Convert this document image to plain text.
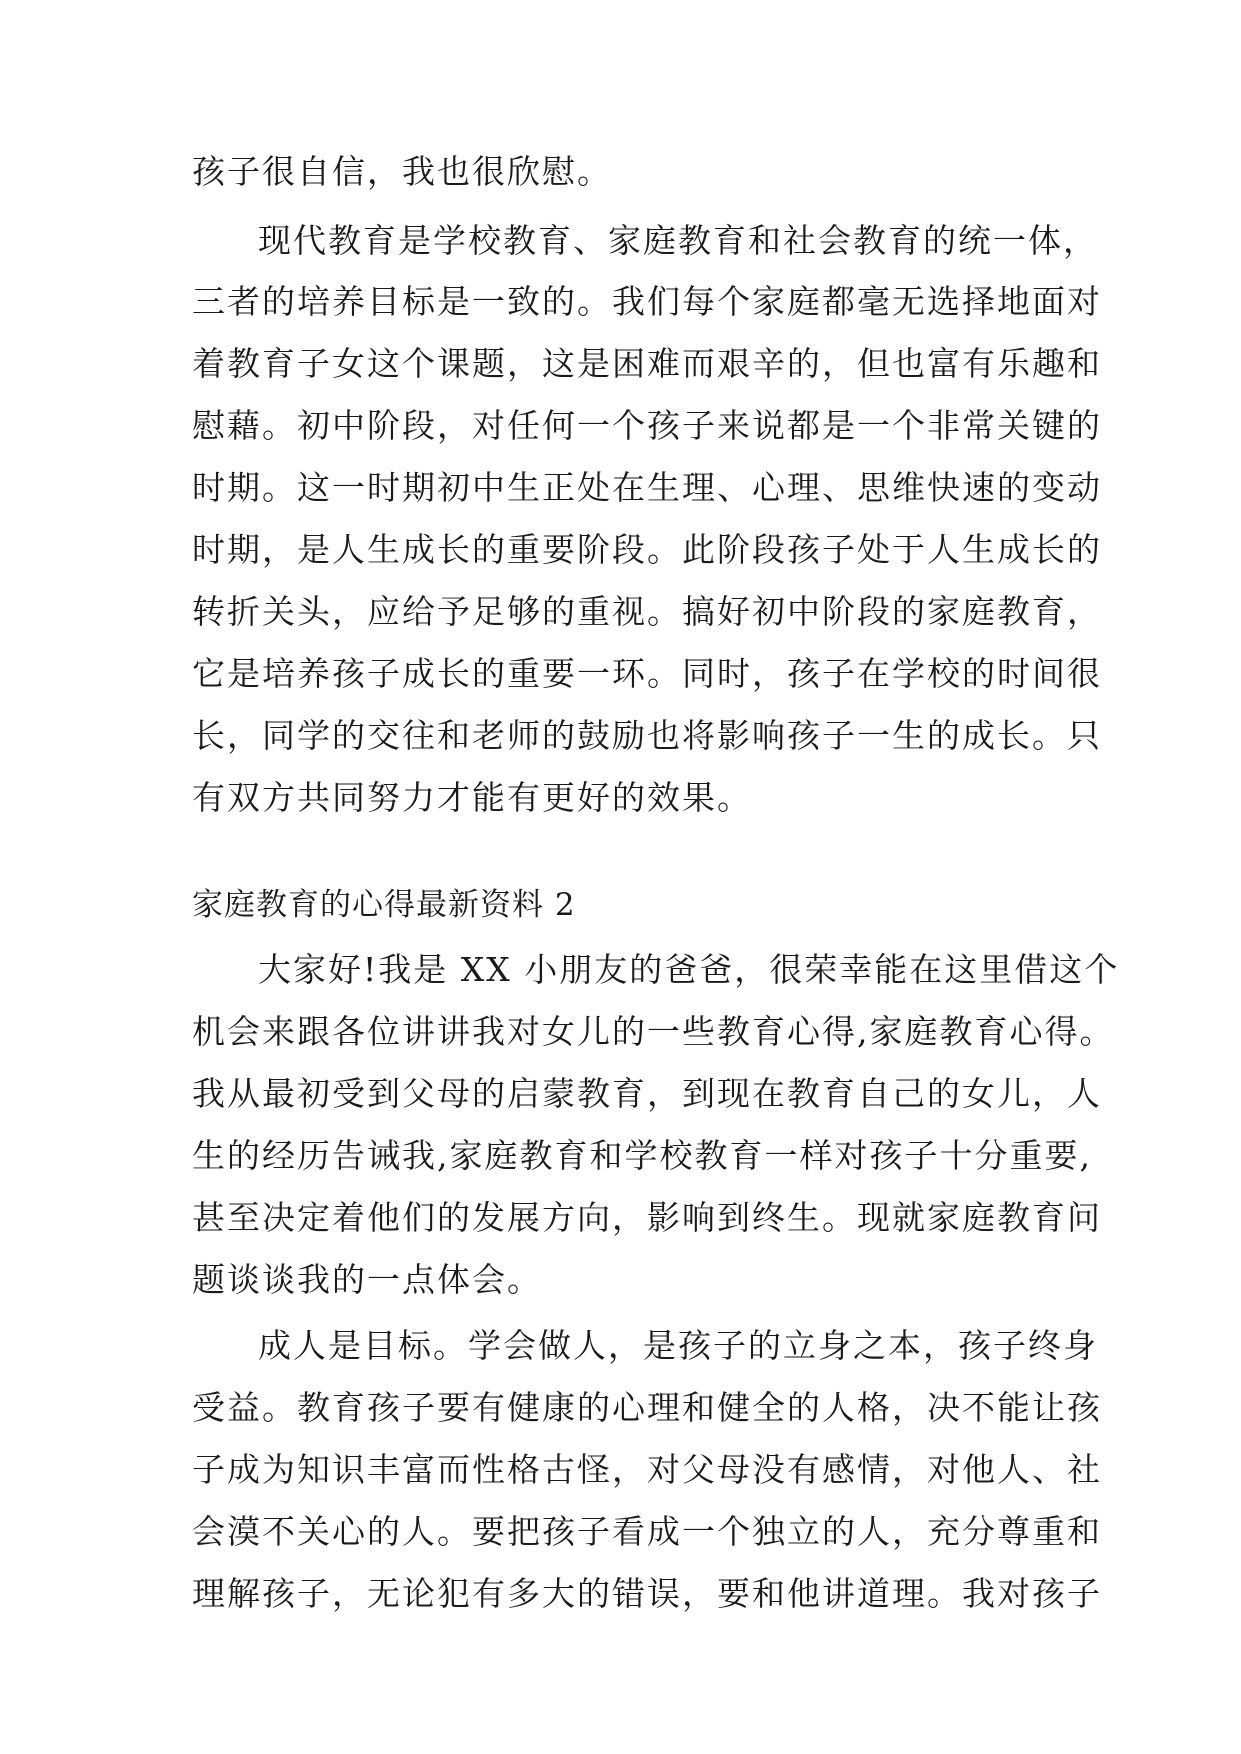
孩子很自信，我也很欣慰。
现代教育是学校教育、家庭教育和社会教育的统一体，
三者的培养目标是一致的。我们每个家庭都毫无选择地面对
着教育子女这个课题，这是困难而艰辛的，但也富有乐趣和
慰藉。初中阶段，对任何一个孩子来说都是一个非常关键的
时期。这一时期初中生正处在生理、心理、思维快速的变动
时期，是人生成长的重要阶段。此阶段孩子处于人生成长的
转折关头，应给予足够的重视。搞好初中阶段的家庭教育，
它是培养孩子成长的重要一环。同时，孩子在学校的时间很
长，同学的交往和老师的鼓励也将影响孩子一生的成长。只
有双方共同努力才能有更好的效果。
家庭教育的心得最新资料 2
大家好!我是 XX 小朋友的爸爸，很荣幸能在这里借这个
机会来跟各位讲讲我对女儿的一些教育心得,家庭教育心得。
我从最初受到父母的启蒙教育，到现在教育自己的女儿，人
生的经历告诫我,家庭教育和学校教育一样对孩子十分重要,
甚至决定着他们的发展方向，影响到终生。现就家庭教育问
题谈谈我的一点体会。
成人是目标。学会做人，是孩子的立身之本，孩子终身
受益。教育孩子要有健康的心理和健全的人格，决不能让孩
子成为知识丰富而性格古怪，对父母没有感情，对他人、社
会漠不关心的人。要把孩子看成一个独立的人，充分尊重和
理解孩子，无论犯有多大的错误，要和他讲道理。我对孩子
